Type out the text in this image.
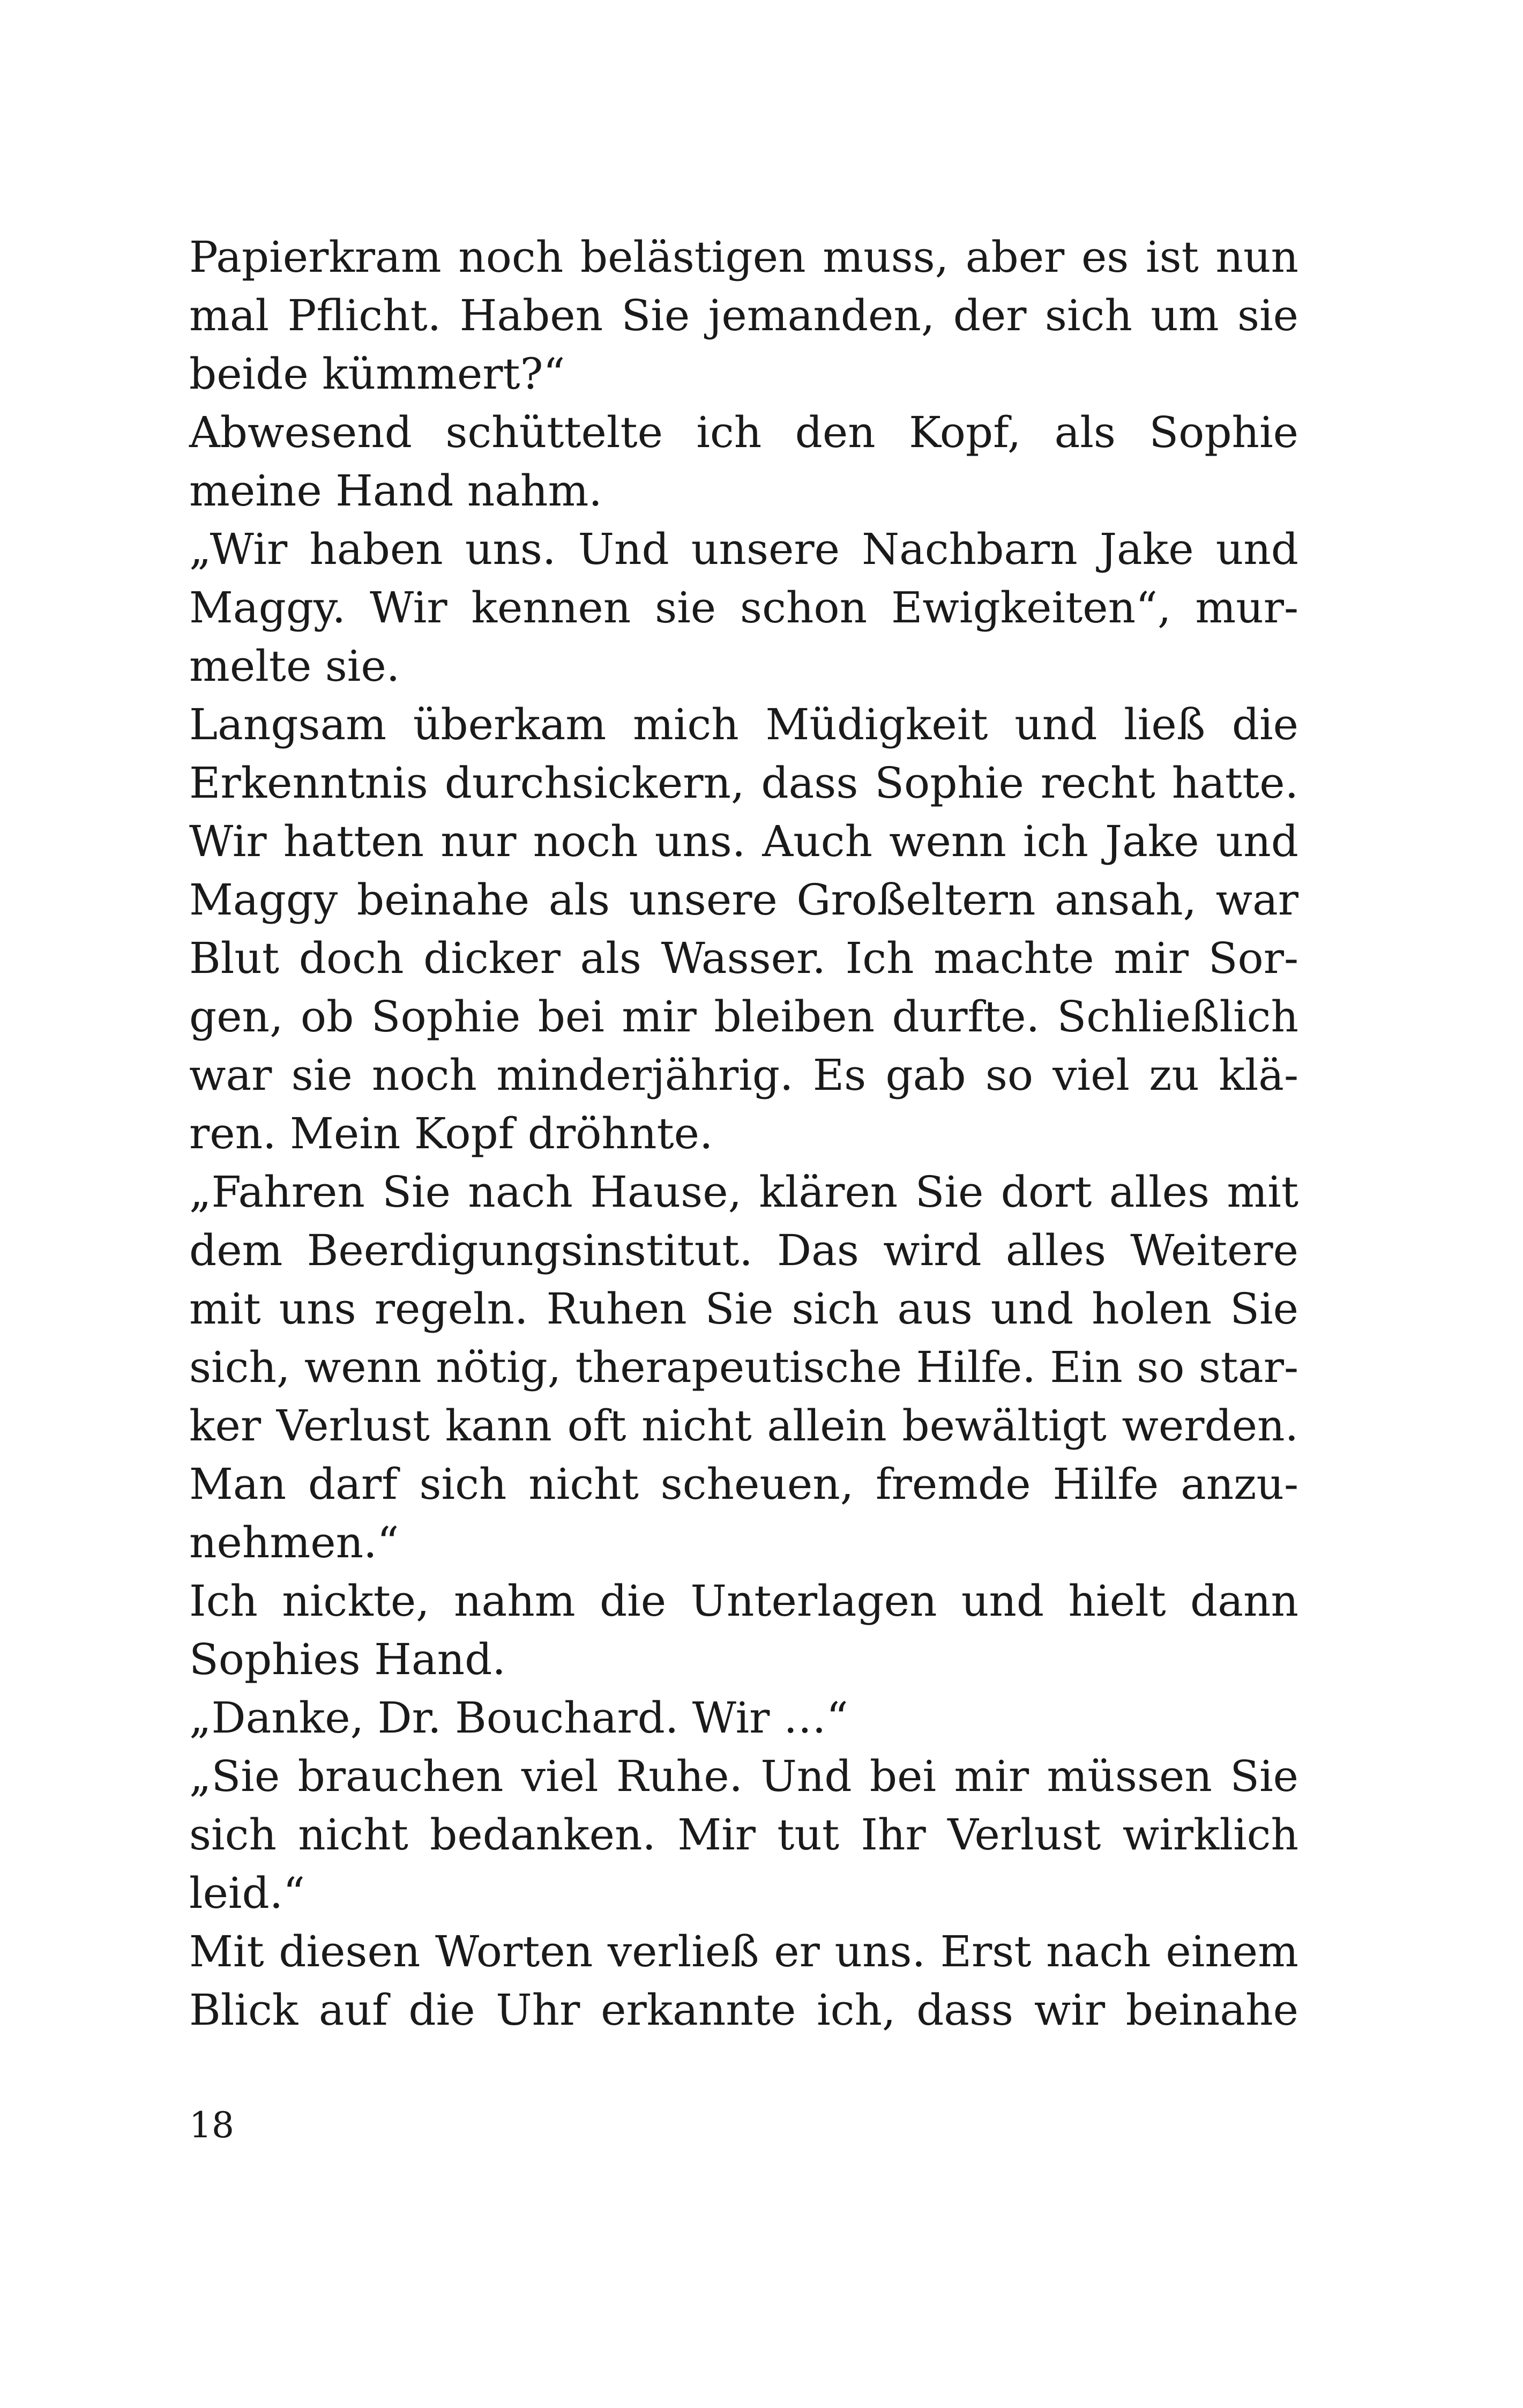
Papierkram noch belästigen muss, aber es ist nun
mal Pflicht. Haben Sie jemanden, der sich um sie
beide kümmert?“
Abwesend schüttelte ich den Kopf, als Sophie
meine Hand nahm.
„Wir haben uns. Und unsere Nachbarn Jake und
Maggy. Wir kennen sie schon Ewigkeiten“, mur-
melte sie.
Langsam überkam mich Müdigkeit und ließ die
Erkenntnis durchsickern, dass Sophie recht hatte.
Wir hatten nur noch uns. Auch wenn ich Jake und
Maggy beinahe als unsere Großeltern ansah, war
Blut doch dicker als Wasser. Ich machte mir Sor-
gen, ob Sophie bei mir bleiben durfte. Schließlich
war sie noch minderjährig. Es gab so viel zu klä-
ren. Mein Kopf dröhnte.
„Fahren Sie nach Hause, klären Sie dort alles mit
dem Beerdigungsinstitut. Das wird alles Weitere
mit uns regeln. Ruhen Sie sich aus und holen Sie
sich, wenn nötig, therapeutische Hilfe. Ein so star-
ker Verlust kann oft nicht allein bewältigt werden.
Man darf sich nicht scheuen, fremde Hilfe anzu-
nehmen.“
Ich nickte, nahm die Unterlagen und hielt dann
Sophies Hand.
„Danke, Dr. Bouchard. Wir …“
„Sie brauchen viel Ruhe. Und bei mir müssen Sie
sich nicht bedanken. Mir tut Ihr Verlust wirklich
leid.“
Mit diesen Worten verließ er uns. Erst nach einem
Blick auf die Uhr erkannte ich, dass wir beinahe
18
